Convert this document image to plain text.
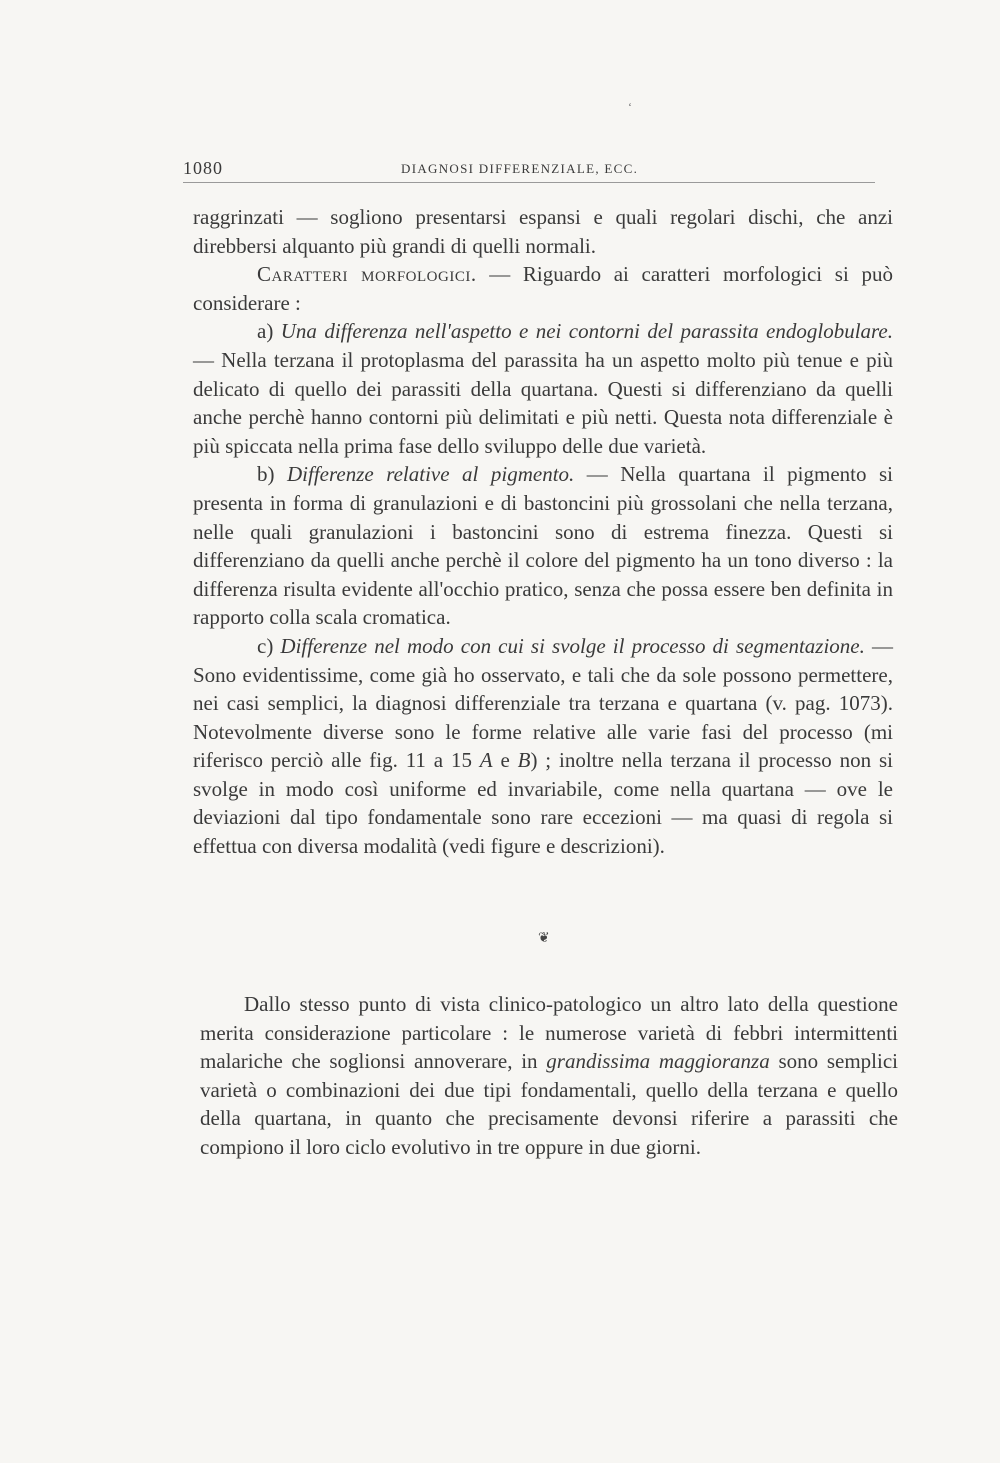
ʻ
1080	DIAGNOSI DIFFERENZIALE, ECC.

raggrinzati — sogliono presentarsi espansi e quali regolari dischi, che anzi direbbersi alquanto più grandi di quelli normali.

Caratteri morfologici. — Riguardo ai caratteri morfologici si può considerare :

a) Una differenza nell'aspetto e nei contorni del parassita endoglobulare. — Nella terzana il protoplasma del parassita ha un aspetto molto più tenue e più delicato di quello dei parassiti della quartana. Questi si differenziano da quelli anche perchè hanno contorni più delimitati e più netti. Questa nota differenziale è più spiccata nella prima fase dello sviluppo delle due varietà.

b) Differenze relative al pigmento. — Nella quartana il pigmento si presenta in forma di granulazioni e di bastoncini più grossolani che nella terzana, nelle quali granulazioni i bastoncini sono di estrema finezza. Questi si differenziano da quelli anche perchè il colore del pigmento ha un tono diverso : la differenza risulta evidente all'occhio pratico, senza che possa essere ben definita in rapporto colla scala cromatica.

c) Differenze nel modo con cui si svolge il processo di segmentazione. — Sono evidentissime, come già ho osservato, e tali che da sole possono permettere, nei casi semplici, la diagnosi differenziale tra terzana e quartana (v. pag. 1073). Notevolmente diverse sono le forme relative alle varie fasi del processo (mi riferisco perciò alle fig. 11 a 15 A e B) ; inoltre nella terzana il processo non si svolge in modo così uniforme ed invariabile, come nella quartana — ove le deviazioni dal tipo fondamentale sono rare eccezioni — ma quasi di regola si effettua con diversa modalità (vedi figure e descrizioni).

❦

Dallo stesso punto di vista clinico-patologico un altro lato della questione merita considerazione particolare : le numerose varietà di febbri intermittenti malariche che soglionsi annoverare, in grandissima maggioranza sono semplici varietà o combinazioni dei due tipi fondamentali, quello della terzana e quello della quartana, in quanto che precisamente devonsi riferire a parassiti che compiono il loro ciclo evolutivo in tre oppure in due giorni.
